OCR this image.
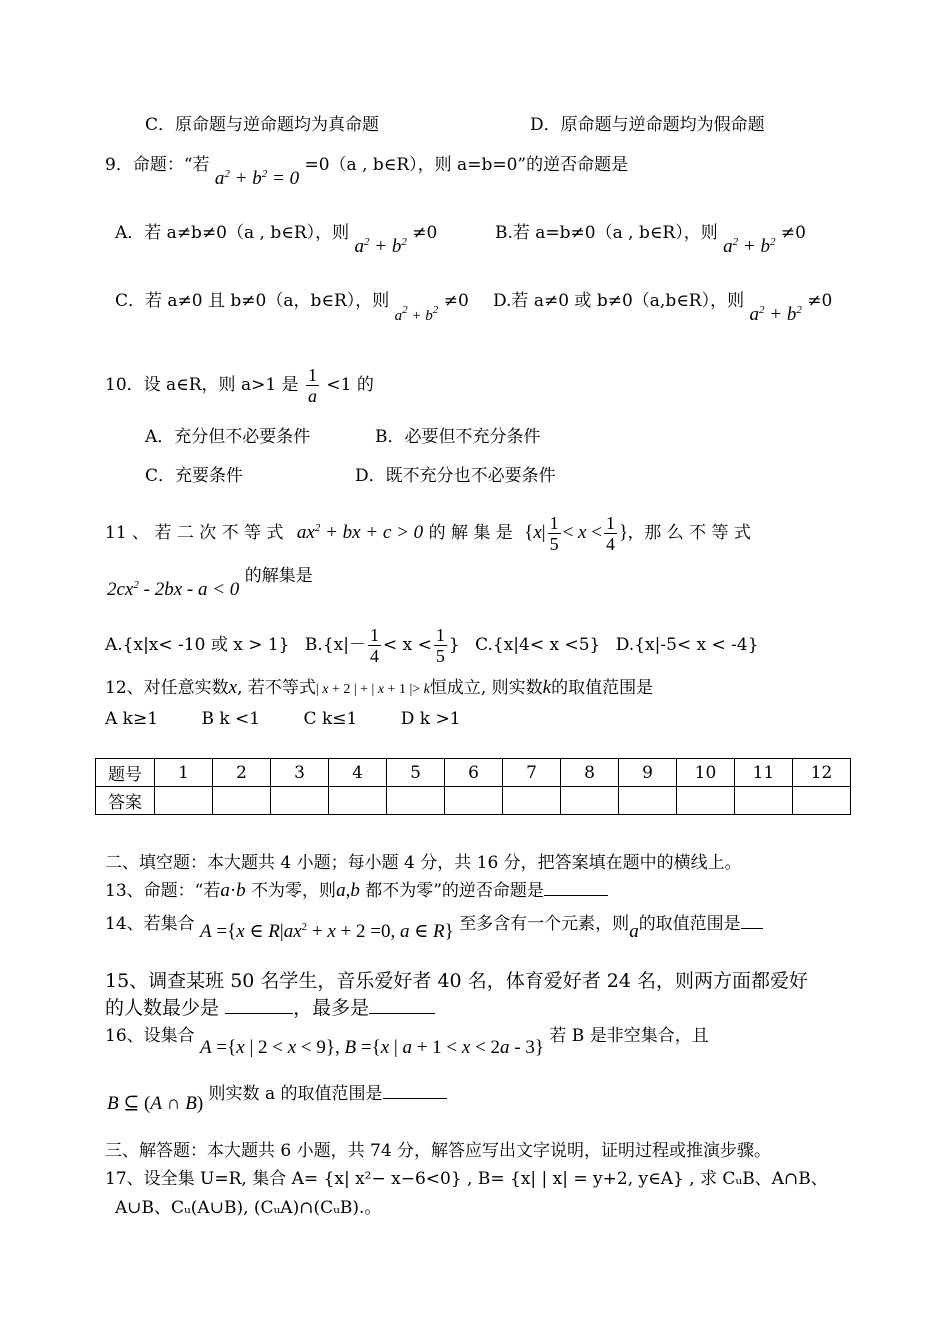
C．原命题与逆命题均为真命题	D．原命题与逆命题均为假命题
9．命题：“若 $a^2 + b^2 = 0 =0(a$ , b∈R），则 a=b=0”的逆否命题是
A．若 a≠b≠0（a , b∈R），则 $a^2 + b^2 \ne 0$	B.若 a=b≠0（a , b∈R），则 $a^2 + b^2 \ne 0$
C．若 a≠0 且 b≠0（a，b∈R），则 $a^2 + b^2 \ne 0$ D.若 a≠0 或 b≠0（a,b∈R），则 $a^2 + b^2 \ne 0$
10．设 a∈R，则 a>1 是 $\frac{1}{a} <1$ 的
A．充分但不必要条件	B．必要但不充分条件
C．充要条件	D．既不充分也不必要条件
11 、 若 二 次 不 等 式 $ax^2$ + bx + c > 0 的 解 集 是 {$x| \frac{1}{5} < x < \frac{1}{4}$ }, 那 么 不 等 式
$2cx^2 - 2bx - a < 0$ 的解集是
A.{x|x< -10 或 x > 1} $B.\{x|- \frac{1}{4} < x < \frac{1}{5}$ } C.{x|4< x <5} D.{x|-5< x < -4}
12、对任意实数x, 若不等式| x + 2 | + | x + 1 |> k恒成立, 则实数k的取值范围是
A k≥1	B k <1	C k≤1	D k >1
题号	1	2	3	4	5	6	7	8	9	10	11	12
答案												
二、填空题：本大题共 4 小题；每小题 4 分，共 16 分，把答案填在题中的横线上。
13、命题：“若a·b 不为零，则a,b 都不为零”的逆否命题是
14、若集合 A ={x ∈ $R|ax^2 + x + 2 =0$, a ∈ R} 至多含有一个元素，则a的取值范围是
15、调查某班 50 名学生，音乐爱好者 40 名，体育爱好者 24 名，则两方面都爱好
的人数最少是	，最多是
16、设集合 A ={x | 2 < x < 9}, B ={x | a + 1 < x < 2a - 3} 若 B 是非空集合，且
B ⊆ (A ∩ B) 则实数 a 的取值范围是
三、解答题：本大题共 6 小题，共 74 分，解答应写出文字说明，证明过程或推演步骤。
17、设全集 U=R, 集合 A= {x| x²− x−6<0} , B= {x| | x| = y+2, y∈A} , 求 CᵤB、A∩B、
A∪B、Cᵤ(A∪B), (CᵤA)∩(CᵤB).。
